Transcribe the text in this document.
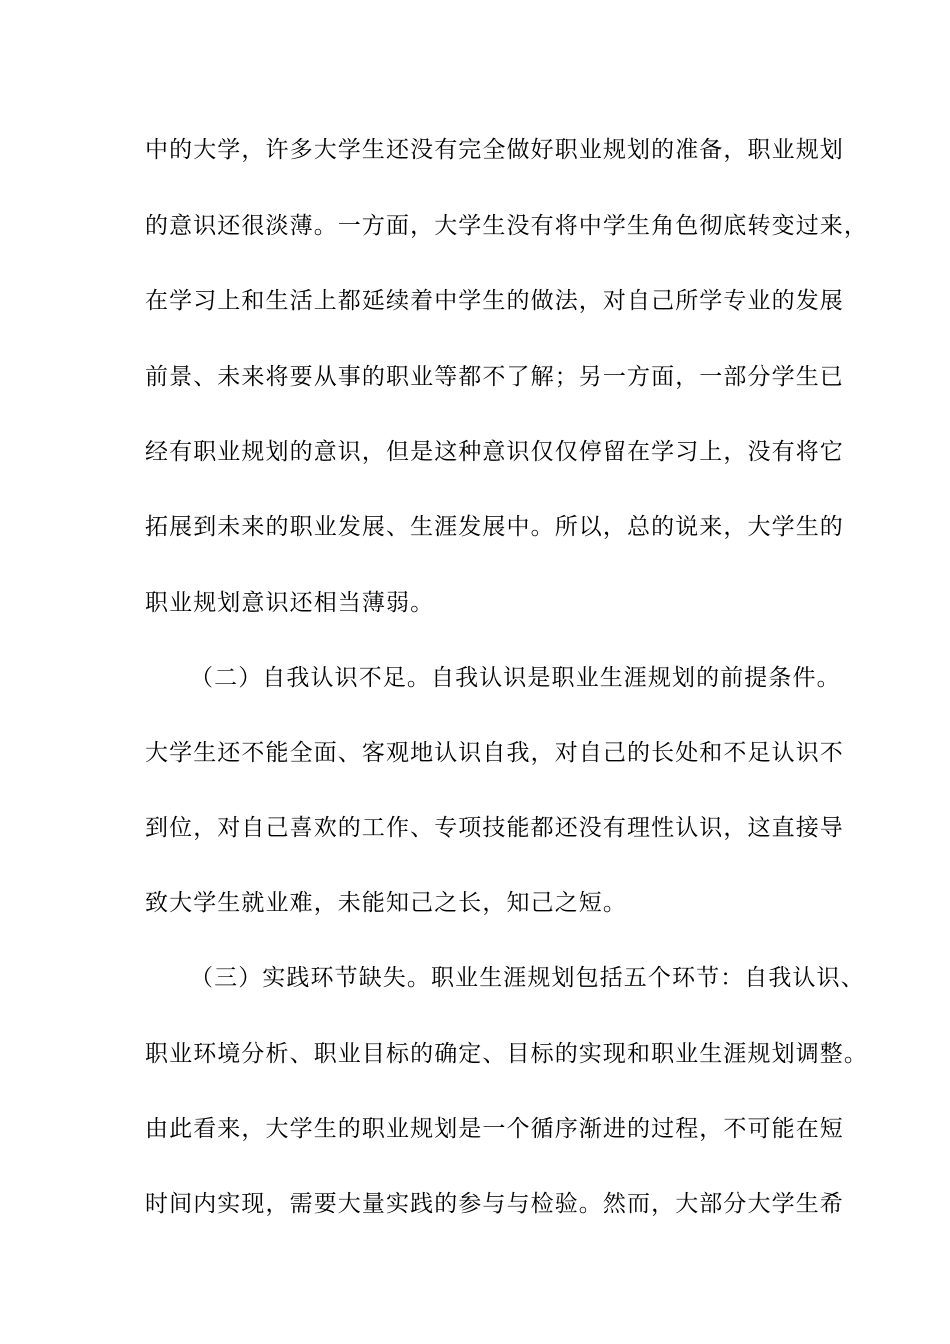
中的大学，许多大学生还没有完全做好职业规划的准备，职业规划
的意识还很淡薄。一方面，大学生没有将中学生角色彻底转变过来，
在学习上和生活上都延续着中学生的做法，对自己所学专业的发展
前景、未来将要从事的职业等都不了解；另一方面，一部分学生已
经有职业规划的意识，但是这种意识仅仅停留在学习上，没有将它
拓展到未来的职业发展、生涯发展中。所以，总的说来，大学生的
职业规划意识还相当薄弱。
（二）自我认识不足。自我认识是职业生涯规划的前提条件。
大学生还不能全面、客观地认识自我，对自己的长处和不足认识不
到位，对自己喜欢的工作、专项技能都还没有理性认识，这直接导
致大学生就业难，未能知己之长，知己之短。
（三）实践环节缺失。职业生涯规划包括五个环节：自我认识、
职业环境分析、职业目标的确定、目标的实现和职业生涯规划调整。
由此看来，大学生的职业规划是一个循序渐进的过程，不可能在短
时间内实现，需要大量实践的参与与检验。然而，大部分大学生希
